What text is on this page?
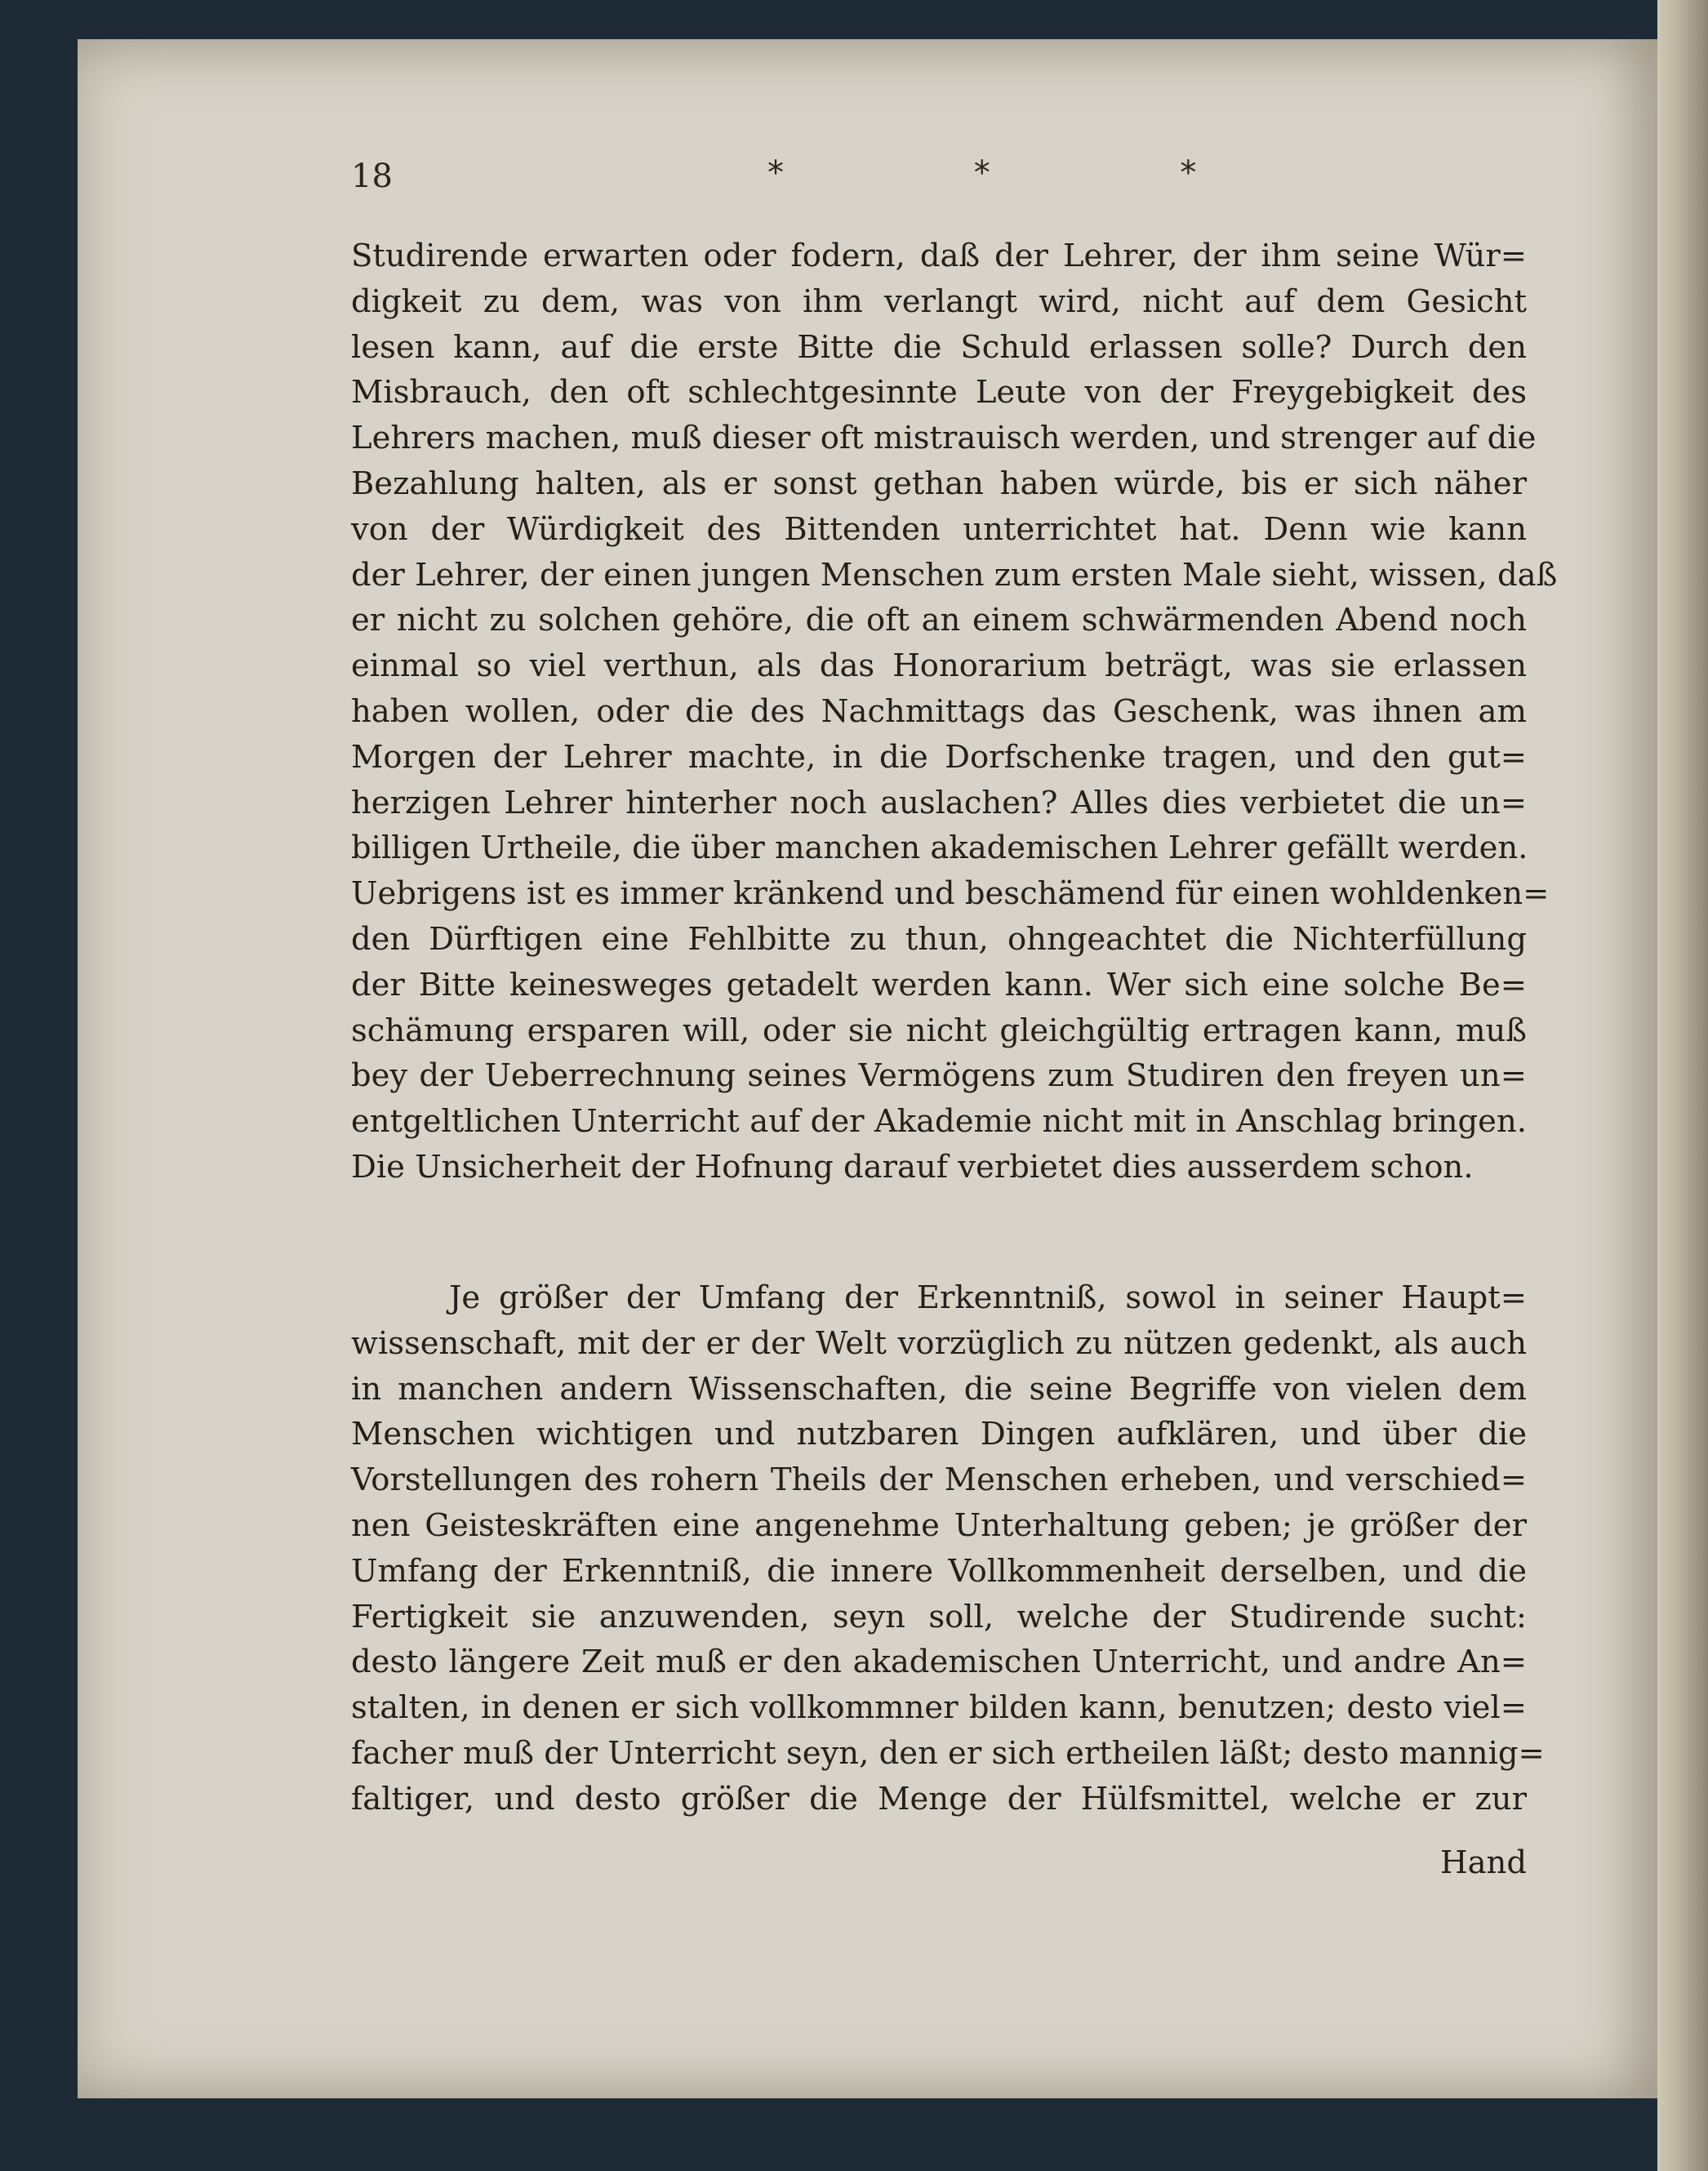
18	* * *
Studirende erwarten oder fodern, daß der Lehrer, der ihm seine Wür=
digkeit zu dem, was von ihm verlangt wird, nicht auf dem Gesicht
lesen kann, auf die erste Bitte die Schuld erlassen solle? Durch den
Misbrauch, den oft schlechtgesinnte Leute von der Freygebigkeit des
Lehrers machen, muß dieser oft mistrauisch werden, und strenger auf die
Bezahlung halten, als er sonst gethan haben würde, bis er sich näher
von der Würdigkeit des Bittenden unterrichtet hat. Denn wie kann
der Lehrer, der einen jungen Menschen zum ersten Male sieht, wissen, daß
er nicht zu solchen gehöre, die oft an einem schwärmenden Abend noch
einmal so viel verthun, als das Honorarium beträgt, was sie erlassen
haben wollen, oder die des Nachmittags das Geschenk, was ihnen am
Morgen der Lehrer machte, in die Dorfschenke tragen, und den gut=
herzigen Lehrer hinterher noch auslachen? Alles dies verbietet die un=
billigen Urtheile, die über manchen akademischen Lehrer gefällt werden.
Uebrigens ist es immer kränkend und beschämend für einen wohldenken=
den Dürftigen eine Fehlbitte zu thun, ohngeachtet die Nichterfüllung
der Bitte keinesweges getadelt werden kann. Wer sich eine solche Be=
schämung ersparen will, oder sie nicht gleichgültig ertragen kann, muß
bey der Ueberrechnung seines Vermögens zum Studiren den freyen un=
entgeltlichen Unterricht auf der Akademie nicht mit in Anschlag bringen.
Die Unsicherheit der Hofnung darauf verbietet dies ausserdem schon.
Je größer der Umfang der Erkenntniß, sowol in seiner Haupt=
wissenschaft, mit der er der Welt vorzüglich zu nützen gedenkt, als auch
in manchen andern Wissenschaften, die seine Begriffe von vielen dem
Menschen wichtigen und nutzbaren Dingen aufklären, und über die
Vorstellungen des rohern Theils der Menschen erheben, und verschied=
nen Geisteskräften eine angenehme Unterhaltung geben; je größer der
Umfang der Erkenntniß, die innere Vollkommenheit derselben, und die
Fertigkeit sie anzuwenden, seyn soll, welche der Studirende sucht:
desto längere Zeit muß er den akademischen Unterricht, und andre An=
stalten, in denen er sich vollkommner bilden kann, benutzen; desto viel=
facher muß der Unterricht seyn, den er sich ertheilen läßt; desto mannig=
faltiger, und desto größer die Menge der Hülfsmittel, welche er zur
Hand
